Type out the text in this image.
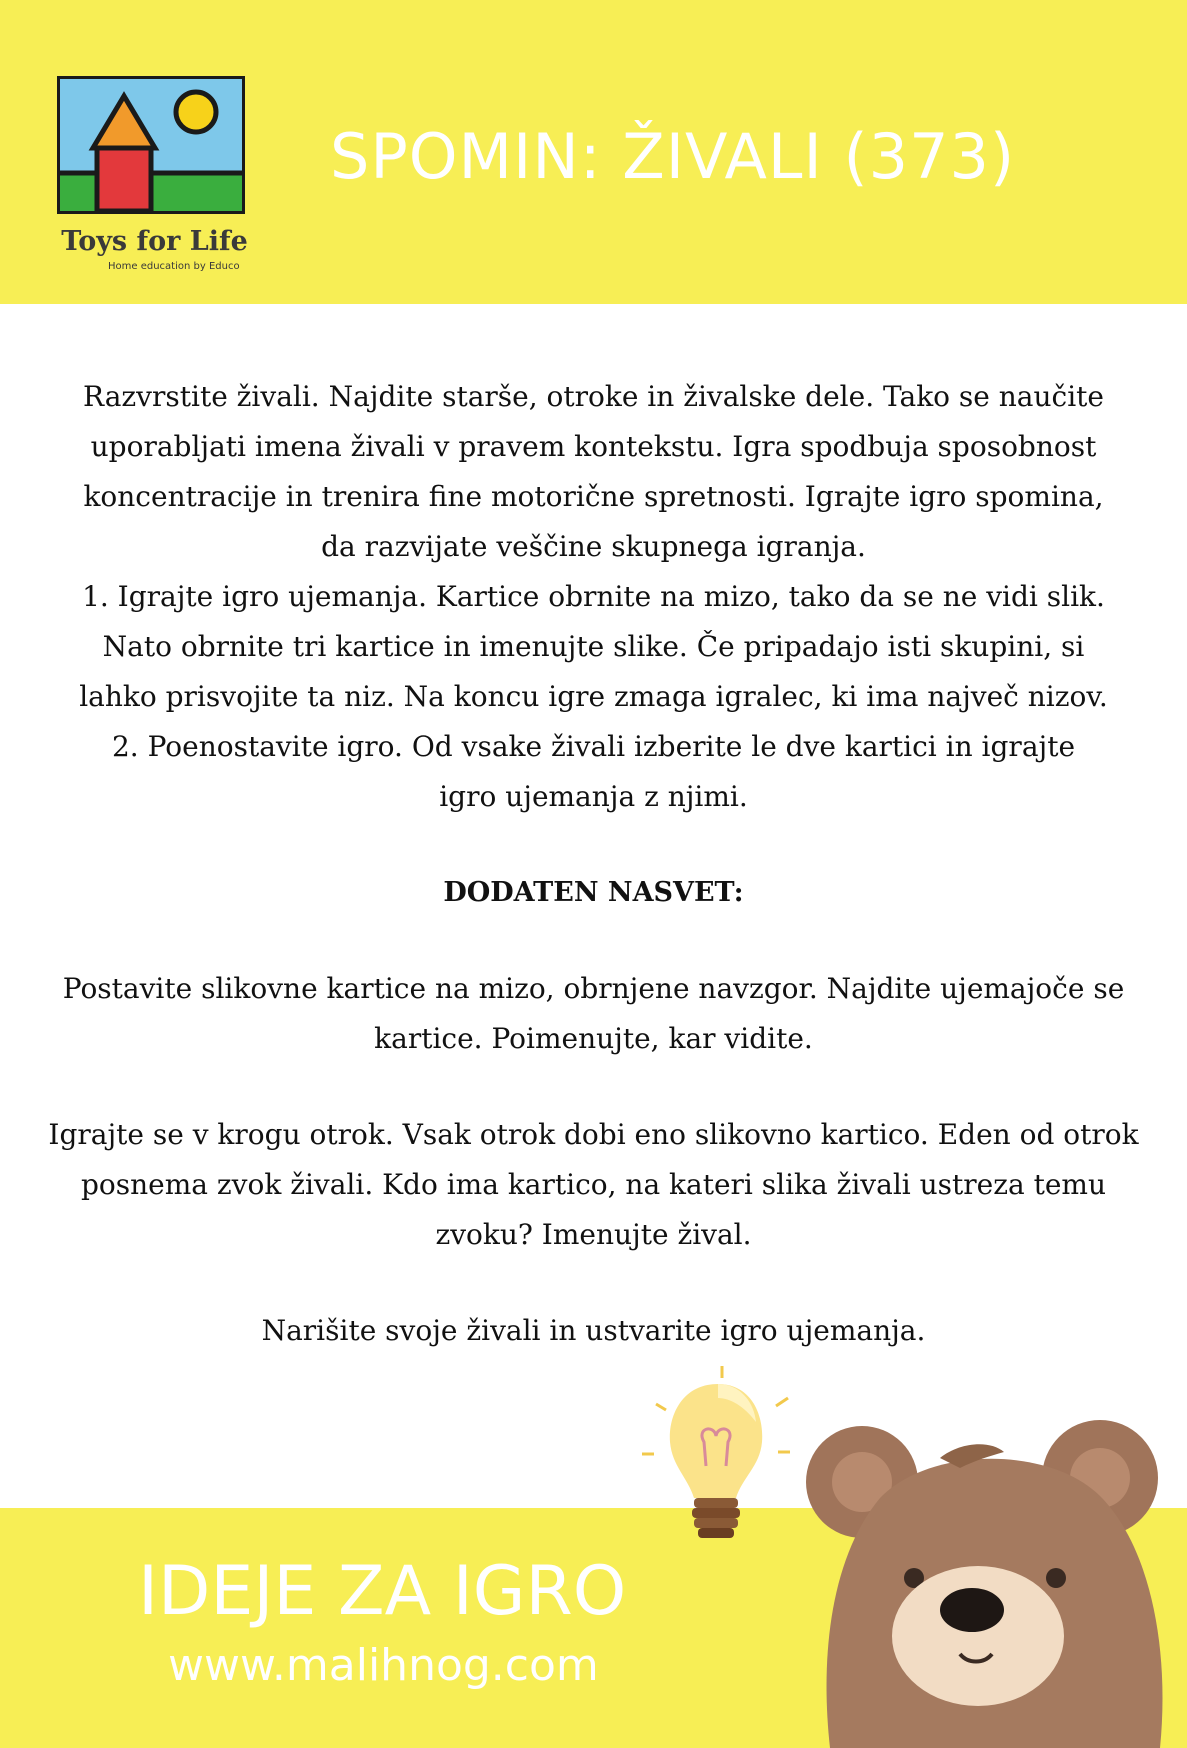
Toys for Life
Home education by Educo
SPOMIN: ŽIVALI (373)

Razvrstite živali. Najdite starše, otroke in živalske dele. Tako se naučite

uporabljati imena živali v pravem kontekstu. Igra spodbuja sposobnost

koncentracije in trenira fine motorične spretnosti. Igrajte igro spomina,

da razvijate veščine skupnega igranja.

1. Igrajte igro ujemanja. Kartice obrnite na mizo, tako da se ne vidi slik.

Nato obrnite tri kartice in imenujte slike. Če pripadajo isti skupini, si

lahko prisvojite ta niz. Na koncu igre zmaga igralec, ki ima največ nizov.

2. Poenostavite igro. Od vsake živali izberite le dve kartici in igrajte

igro ujemanja z njimi.

DODATEN NASVET:

Postavite slikovne kartice na mizo, obrnjene navzgor. Najdite ujemajoče se

kartice. Poimenujte, kar vidite.

Igrajte se v krogu otrok. Vsak otrok dobi eno slikovno kartico. Eden od otrok

posnema zvok živali. Kdo ima kartico, na kateri slika živali ustreza temu

zvoku? Imenujte žival.

Narišite svoje živali in ustvarite igro ujemanja.

IDEJE ZA IGRO
www.malihnog.com
